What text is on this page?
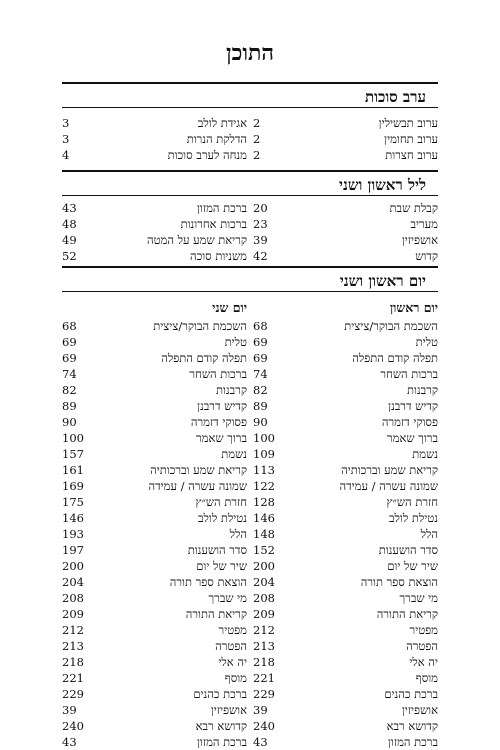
התוכן
ערב סוכות
ערוב תבשילין
2
ערוב תחומין
2
ערוב חצרות
2
אגידת לולב
3
הדלקת הנרות
3
מנחה לערב סוכות
4
ליל ראשון ושני
קבלת שבת
20
מעריב
23
אושפיזין
39
קדוש
42
ברכת המזון
43
ברכות אחרונות
48
קריאת שמע על המטה
49
משניות סוכה
52
יום ראשון ושני
יום ראשון
יום שני
השכמת הבוקר/ציצית
68
טלית
69
תפלה קודם התפלה
69
ברכות השחר
74
קרבנות
82
קדיש דרבנן
89
פסוקי דזמרה
90
ברוך שאמר
100
נשמת
109
קריאת שמע וברכותיה
113
שמונה עשרה / עמידה
122
חזרת הש״ץ
128
נטילת לולב
146
הלל
148
סדר הושענות
152
שיר של יום
200
הוצאת ספר תורה
204
מי שברך
208
קריאת התורה
209
מפטיר
212
הפטרה
213
יה אלי
218
מוסף
221
ברכת כהנים
229
אושפיזין
39
קדושא רבא
240
ברכת המזון
43
השכמת הבוקר/ציצית
68
טלית
69
תפלה קודם התפלה
69
ברכות השחר
74
קרבנות
82
קדיש דרבנן
89
פסוקי דזמרה
90
ברוך שאמר
100
נשמת
157
קריאת שמע וברכותיה
161
שמונה עשרה / עמידה
169
חזרת הש״ץ
175
נטילת לולב
146
הלל
193
סדר הושענות
197
שיר של יום
200
הוצאת ספר תורה
204
מי שברך
208
קריאת התורה
209
מפטיר
212
הפטרה
213
יה אלי
218
מוסף
221
ברכת כהנים
229
אושפיזין
39
קדושא רבא
240
ברכת המזון
43
